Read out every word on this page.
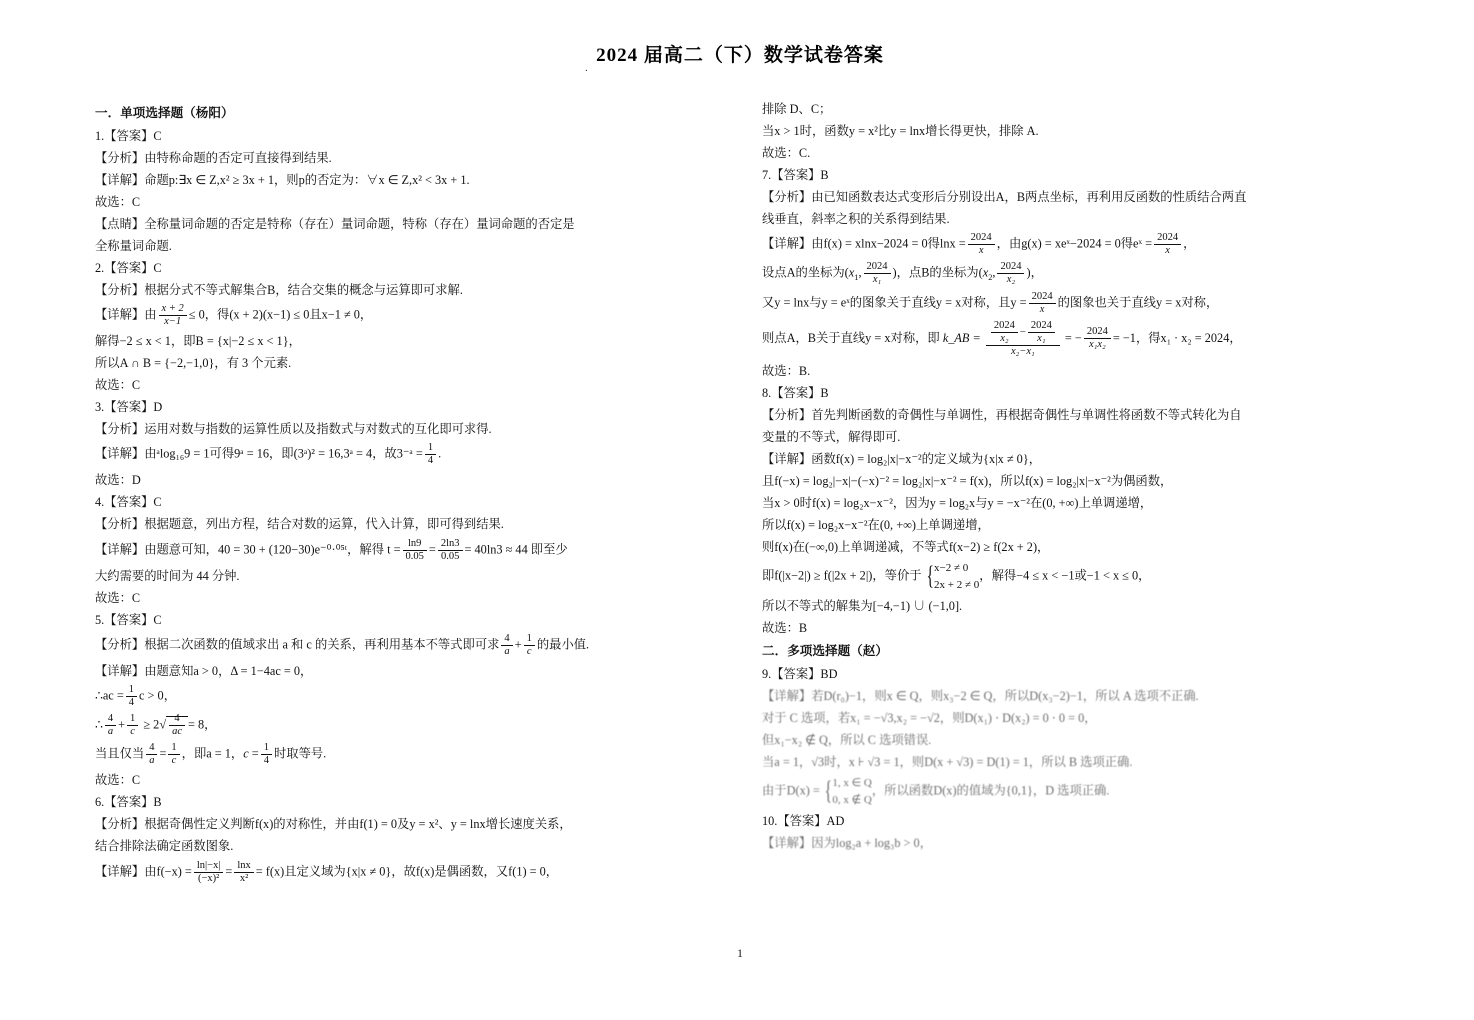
.
2024 届高二（下）数学试卷答案

一．单项选择题（杨阳）

1.【答案】C

【分析】由特称命题的否定可直接得到结果.

【详解】命题p:∃x ∈ Z,x² ≥ 3x + 1，则p的否定为：∀x ∈ Z,x² < 3x + 1.

故选：C

【点睛】全称量词命题的否定是特称（存在）量词命题，特称（存在）量词命题的否定是

全称量词命题.

2.【答案】C

【分析】根据分式不等式解集合B，结合交集的概念与运算即可求解.

【详解】由 $\frac{x + 2}{x-1} \le 0$，得(x + 2)(x−1) ≤ 0且x−1 ≠ 0，

解得−2 ≤ x < 1，即B = {x|−2 ≤ x < 1}，

所以A ∩ B = {−2,−1,0}，有 3 个元素.

故选：C

3.【答案】D

【分析】运用对数与指数的运算性质以及指数式与对数式的互化即可求得.

【详解】由ᵃlog₁₆9 = 1可得9ᵃ = 16，即(3ᵃ)² = 16,3ᵃ = 4，故3⁻ᵃ = $\frac{1}{4}$ .

故选：D

4.【答案】C

【分析】根据题意，列出方程，结合对数的运算，代入计算，即可得到结果.

【详解】由题意可知，40 = 30 + (120−30)e⁻⁰·⁰⁵ᵗ，解得 $t = \frac{\ln 9}{0.05} = \frac{2\ln 3}{0.05} = 40\ln 3 \approx 44$ 即至少

大约需要的时间为 44 分钟.

故选：C

5.【答案】C

【分析】根据二次函数的值域求出 a 和 c 的关系，再利用基本不等式即可求 $\frac{4}{a} + \frac{1}{c}$ 的最小值.

【详解】由题意知a > 0，Δ = 1−4ac = 0，

∴ac = $\frac{1}{4}$ c > 0，

∴ $\frac{4}{a} + \frac{1}{c} \ge 2√ \frac{4}{ac} = 8$，

当且仅当 $\frac{4}{a} = \frac{1}{c}$ ，即a = 1，$c = \frac{1}{4}$ 时取等号.

故选：C

6.【答案】B

【分析】根据奇偶性定义判断f(x)的对称性，并由f(1) = 0及y = x²、y = lnx增长速度关系，

结合排除法确定函数图象.

【详解】由$f(-x) = \frac{\ln|-x|}{\text{(−x)²}} = \frac{\ln x}{\text{x²}} = f(x)$且定义域为{x|x ≠ 0}，故f(x)是偶函数，又f(1) = 0，

排除 D、C；

当x > 1时，函数y = x²比y = lnx增长得更快，排除 A.

故选：C.

7.【答案】B

【分析】由已知函数表达式变形后分别设出A，B两点坐标，再利用反函数的性质结合两直

线垂直，斜率之积的关系得到结果.

【详解】由f(x) = xlnx−2024 = 0得$\ln x = \frac{2024}{x}$ ，由g(x) = xeˣ−2024 = 0得eˣ = $\frac{2024}{x}$ ，

设点A的坐标为($x_1$, $\frac{2024}{\text{x₁}}$ )，点B的坐标为($x_2$, $\frac{2024}{\text{x₂}}$ )，

又y = lnx与y = eˣ的图象关于直线y = x对称，且$y = \frac{2024}{x}$ 的图象也关于直线y = x对称，

则点A，B关于直线y = x对称，即 k_AB = $\frac{\frac{2024}{\text{x₂}} - \frac{2024}{\text{x₁}}}{\text{x₂−x₁}}$ = − $\frac{2024}{\text{x₁x₂}} = -1$，得x₁ · x₂ = 2024，

故选：B.

8.【答案】B

【分析】首先判断函数的奇偶性与单调性，再根据奇偶性与单调性将函数不等式转化为自

变量的不等式，解得即可.

【详解】函数f(x) = log₂|x|−x⁻²的定义域为{x|x ≠ 0}，

且f(−x) = log₂|−x|−(−x)⁻² = log₂|x|−x⁻² = f(x)，所以f(x) = log₂|x|−x⁻²为偶函数，

当x > 0时f(x) = log₂x−x⁻²，因为y = log₂x与y = −x⁻²在(0, +∞)上单调递增，

所以f(x) = log₂x−x⁻²在(0, +∞)上单调递增，

则f(x)在(−∞,0)上单调递减，不等式f(x−2) ≥ f(2x + 2)，

即f(|x−2|) ≥ f(|2x + 2|)，等价于 {x−2 ≠ 0
2x + 2 ≠ 0，解得−4 ≤ x < −1或−1 < x ≤ 0，

所以不等式的解集为[−4,−1) ∪ (−1,0].

故选：B

二．多项选择题（赵）

9.【答案】BD

【详解】若D(r₀)−1，则x ∈ Q，则x₃−2 ∈ Q，所以D(x₃−2)−1，所以 A 选项不正确.

对于 C 选项，若x₁ = −√3,x₂ = −√2，则D(x₁) ⋅ D(x₂) = 0 ⋅ 0 = 0，

但x₁−x₂ ∉ Q，所以 C 选项错误.

当a = 1，√3时，x ⊦ √3 = 1，则D(x + √3) = D(1) = 1，所以 B 选项正确.

由于D(x) = {1, x ∈ Q
0, x ∉ Q，所以函数D(x)的值域为{0,1}，D 选项正确.

10.【答案】AD

【详解】因为log₂a + log₃b > 0，

1
